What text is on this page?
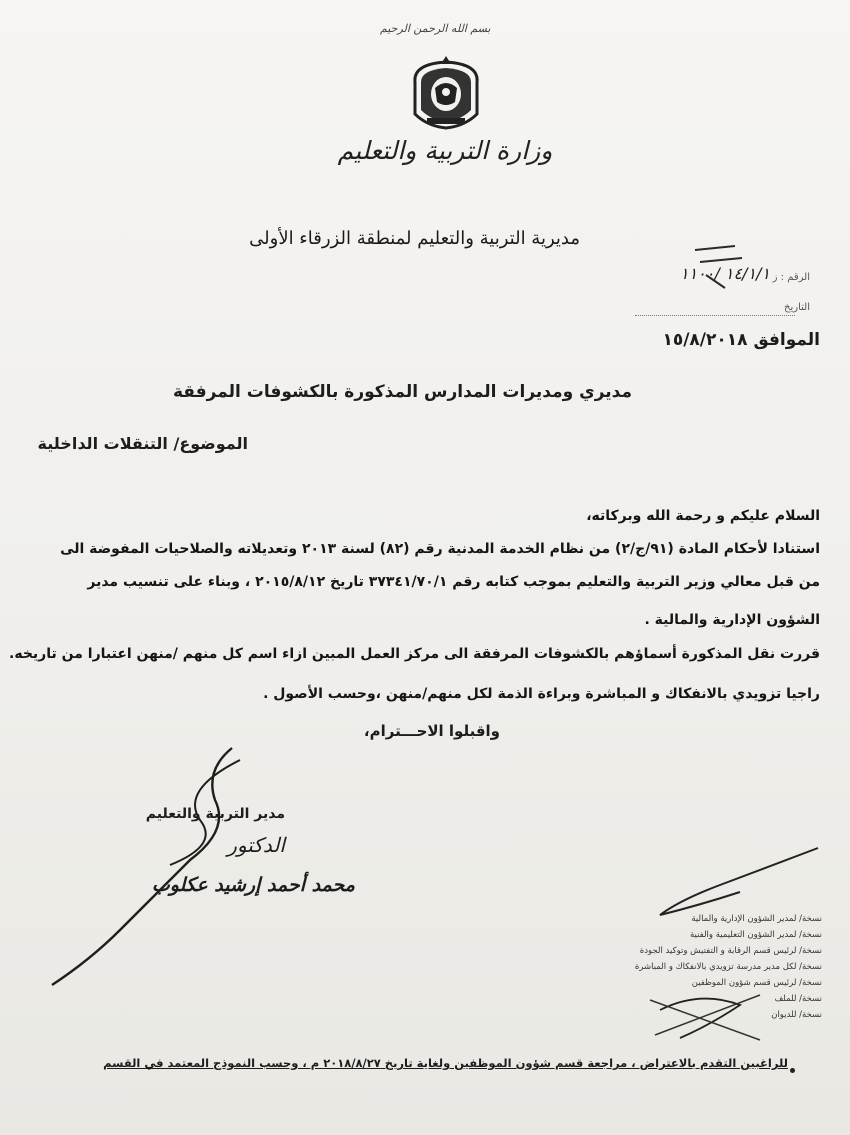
بسم الله الرحمن الرحيم
وزارة التربية والتعليم
مديرية التربية والتعليم لمنطقة الزرقاء الأولى
الرقم : ز
١٤/١/١ /١١٠٠
التاريخ
الموافق ١٥/٨/٢٠١٨
مديري ومديرات المدارس المذكورة بالكشوفات المرفقة
الموضوع/ التنقلات الداخلية
السلام عليكم و رحمة الله وبركاته،
استنادا لأحكام المادة (٩١/ج/٢) من نظام الخدمة المدنية رقم (٨٢) لسنة ٢٠١٣ وتعديلاته والصلاحيات المفوضة الى
من قبل معالي وزير التربية والتعليم بموجب كتابه رقم ٣٧٣٤١/٧٠/١ تاريخ ٢٠١٥/٨/١٢ ، وبناء على تنسيب مدير
الشؤون الإدارية والمالية .
قررت نقل المذكورة أسماؤهم بالكشوفات المرفقة الى مركز العمل المبين ازاء اسم كل منهم /منهن اعتبارا من تاريخه.
راجيا تزويدي بالانفكاك و المباشرة وبراءة الذمة لكل منهم/منهن ،وحسب الأصول .
واقبلوا الاحـــترام،
مدير التربية والتعليم
الدكتور
محمد أحمد إرشيد عكلوب
نسخة/ لمدير الشؤون الإدارية والمالية
نسخة/ لمدير الشؤون التعليمية والفنية
نسخة/ لرئيس قسم الرقابة و التفتيش وتوكيد الجودة
نسخة/ لكل مدير مدرسة تزويدي بالانفكاك و المباشرة
نسخة/ لرئيس قسم شؤون الموظفين
نسخة/ للملف
نسخة/ للديوان
للراغبين التقدم بالاعتراض ، مراجعة قسم شؤون الموظفين ولغاية تاريخ ٢٠١٨/٨/٢٧ م ، وحسب النموذج المعتمد في القسم
